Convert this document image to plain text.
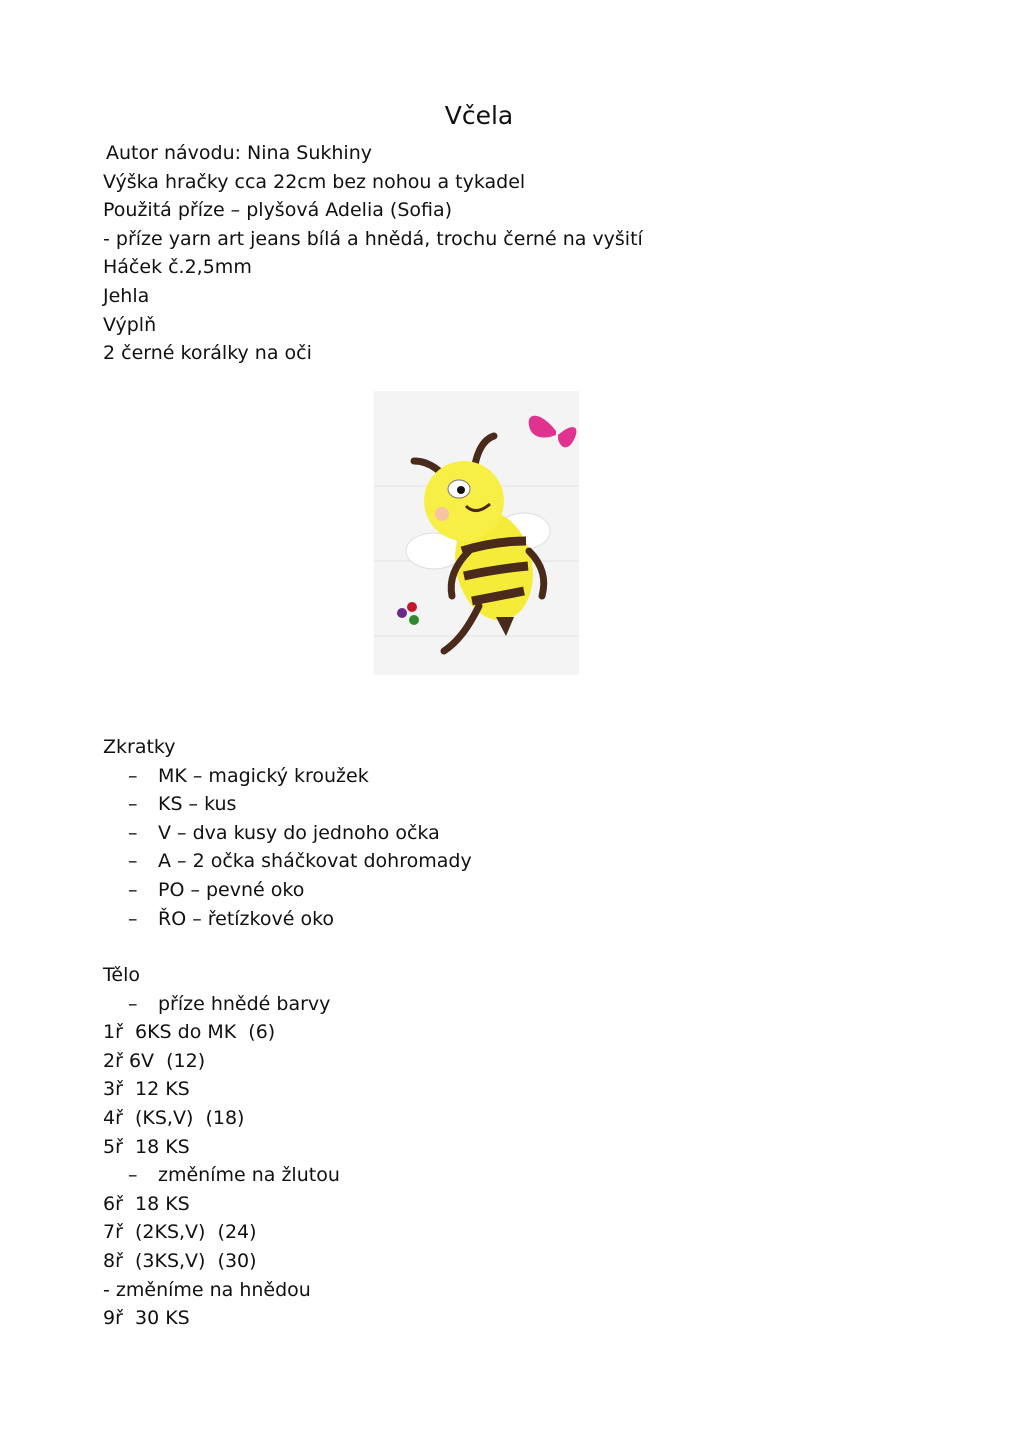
Včela
Autor návodu: Nina Sukhiny
Výška hračky cca 22cm bez nohou a tykadel
Použitá příze – plyšová Adelia (Sofia)
- příze yarn art jeans bílá a hnědá, trochu černé na vyšití
Háček č.2,5mm
Jehla
Výplň
2 černé korálky na oči
Zkratky
– MK – magický kroužek
– KS – kus
– V – dva kusy do jednoho očka
– A – 2 očka sháčkovat dohromady
– PO – pevné oko
– ŘO – řetízkové oko
Tělo
– příze hnědé barvy
1ř  6KS do MK  (6)
2ř 6V  (12)
3ř  12 KS
4ř  (KS,V)  (18)
5ř  18 KS
– změníme na žlutou
6ř  18 KS
7ř  (2KS,V)  (24)
8ř  (3KS,V)  (30)
- změníme na hnědou
9ř  30 KS
